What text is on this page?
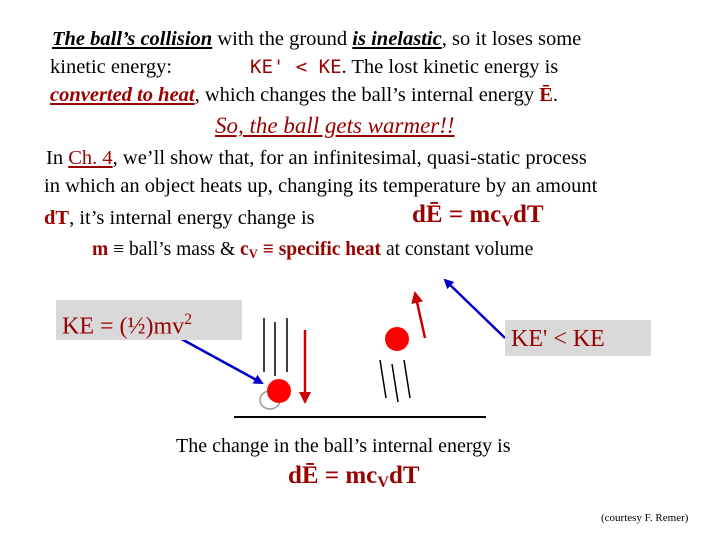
The ball’s collision with the ground is inelastic, so it loses some
kinetic energy:	KE' < KE. The lost kinetic energy is
converted to heat, which changes the ball’s internal energy Ē.
So, the ball gets warmer!!
In Ch. 4, we’ll show that, for an infinitesimal, quasi-static process
in which an object heats up, changing its temperature by an amount
dT, it’s internal energy change is	dĒ = $mc_VdT$
m ≡ ball’s mass & $c_V$ ≡ specific heat at constant volume
KE = $(\frac{1}{2})mv^2$
KE' < KE
The change in the ball’s internal energy is
dĒ = $mc_VdT$
(courtesy F. Remer)
